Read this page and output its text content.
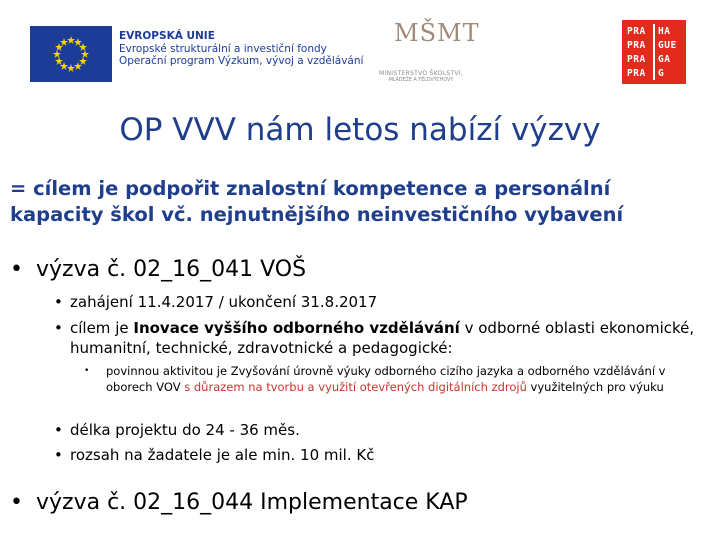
EVROPSKÁ UNIE
Evropské strukturální a investiční fondy
Operační program Výzkum, vývoj a vzdělávání
MŠMT
MINISTERSTVO ŠKOLSTVÍ,
MLÁDEŽE A TĚLOVÝCHOVY
PRA
PRA
PRA
PRA
HA
GUE
GA
G
OP VVV nám letos nabízí výzvy
= cílem je podpořit znalostní kompetence a personální kapacity škol vč. nejnutnějšího neinvestičního vybavení
• výzva č. 02_16_041 VOŠ
• zahájení 11.4.2017 / ukončení 31.8.2017
• cílem je Inovace vyššího odborného vzdělávání v odborné oblasti ekonomické, humanitní, technické, zdravotnické a pedagogické:
• povinnou aktivitou je Zvyšování úrovně výuky odborného cizího jazyka a odborného vzdělávání v oborech VOV s důrazem na tvorbu a využití otevřených digitálních zdrojů využitelných pro výuku
• délka projektu do 24 - 36 měs.
• rozsah na žadatele je ale min. 10 mil. Kč
• výzva č. 02_16_044 Implementace KAP
